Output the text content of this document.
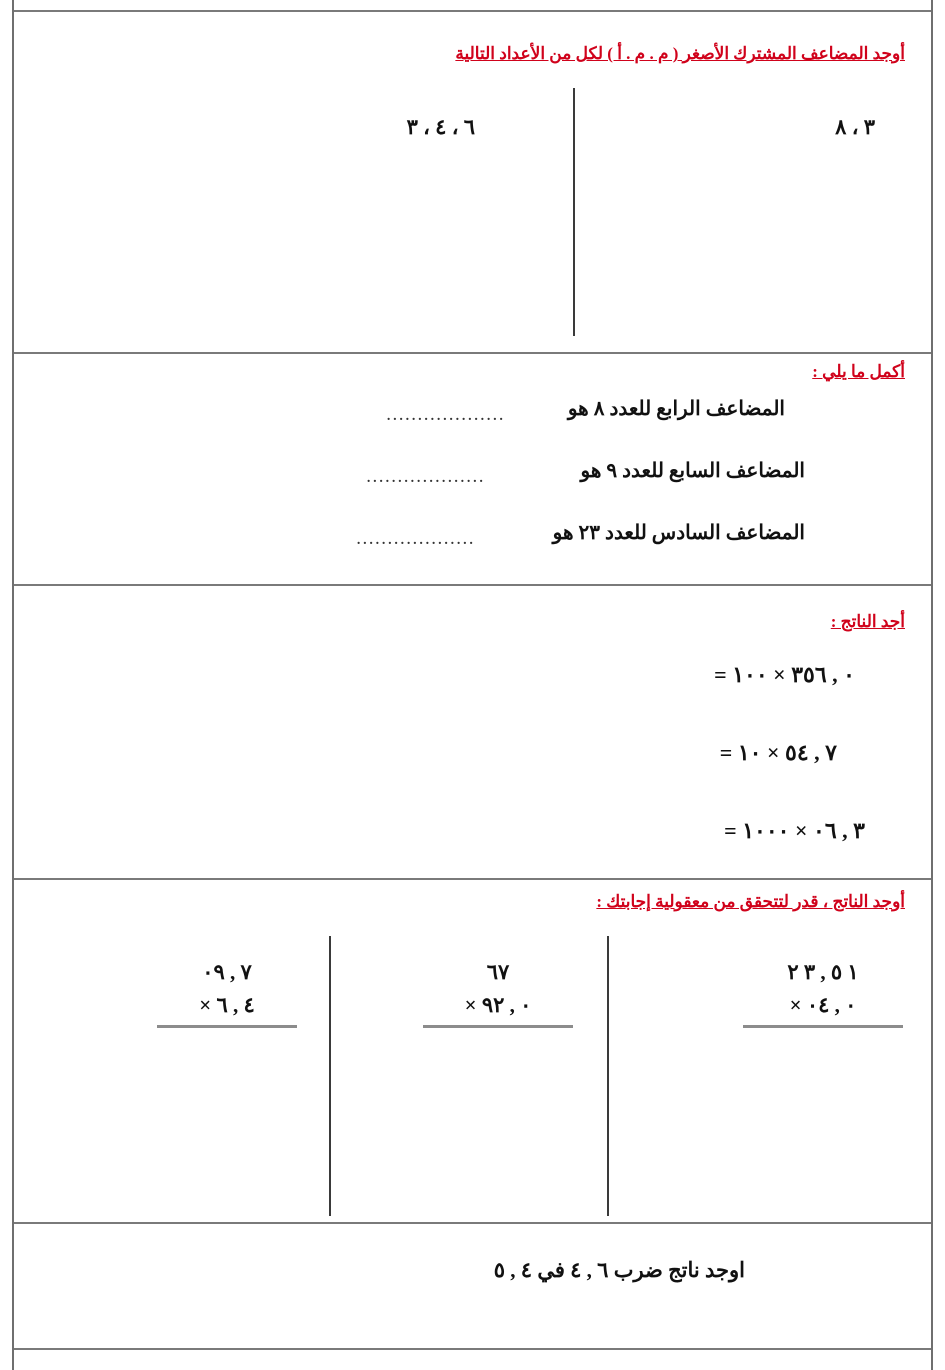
أوجد المضاعف المشترك الأصغر ( م . م . أ ) لكل من الأعداد التالية
٣ ، ٨
٦ ، ٤ ، ٣
أكمل ما يلي :
المضاعف الرابع للعدد ٨ هو
...................
المضاعف السابع للعدد ٩ هو
...................
المضاعف السادس للعدد ٢٣ هو
...................
أجد الناتج :
٠ , ٣٥٦ × ١٠٠ =
٧ , ٥٤ × ١٠ =
٣ , ٠٦ × ١٠٠٠ =
أوجد الناتج ، قدر لتتحقق من معقولية إجابتك :
١ ٥ , ٣ ٢
× ٠ , ٠٤
٦٧
× ٠ , ٩٢
٧ , ٠٩
× ٤ , ٦
اوجد ناتج ضرب ٦ , ٤ في ٤ , ٥
